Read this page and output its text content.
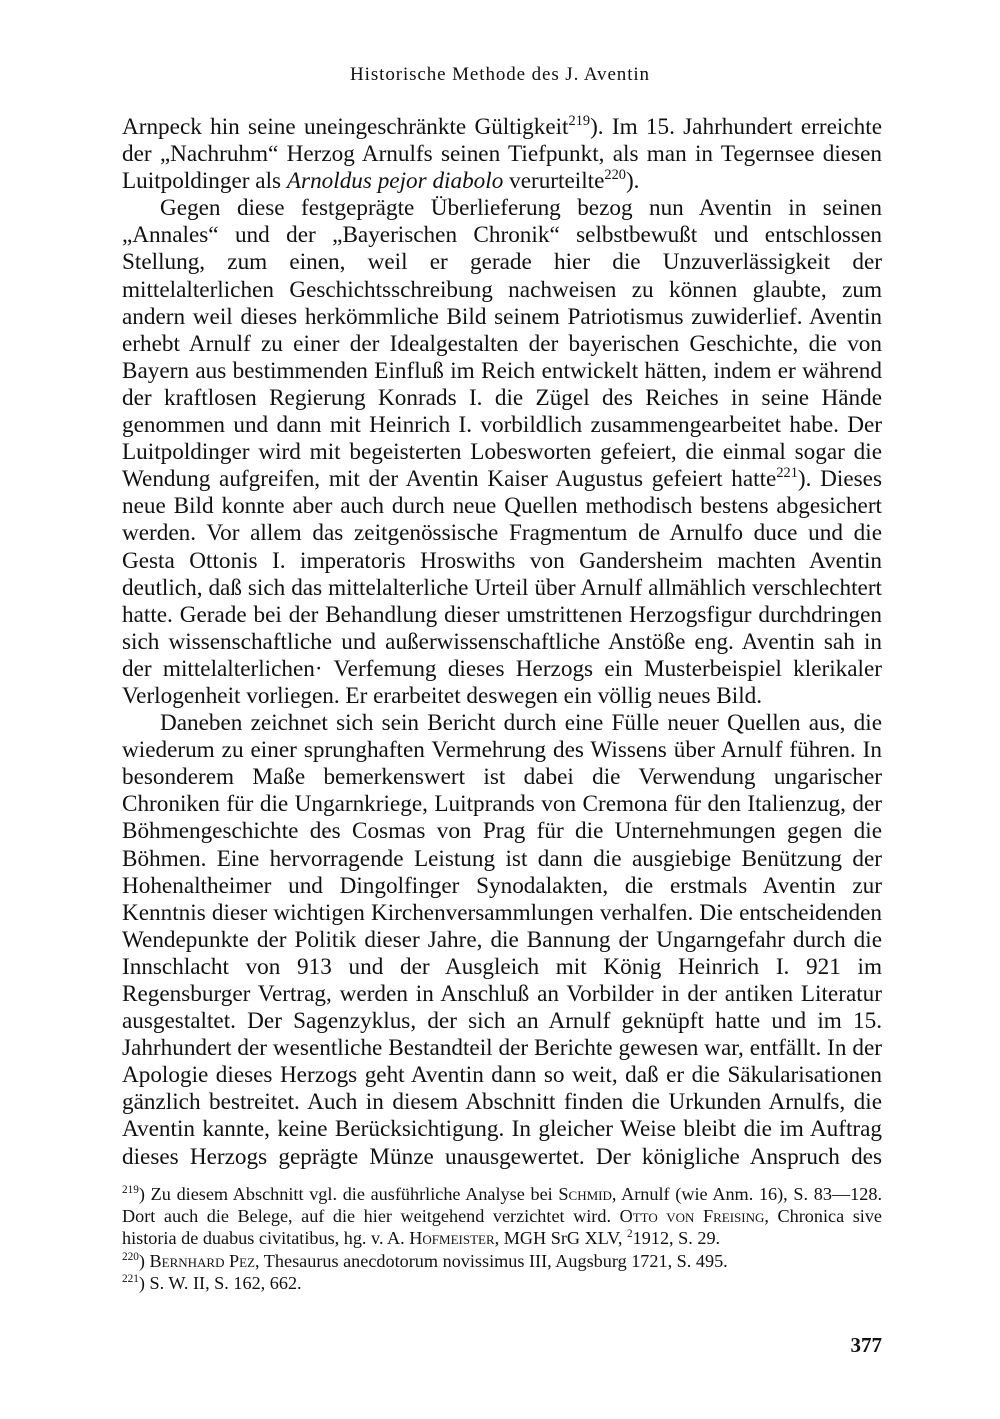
Historische Methode des J. Aventin

Arnpeck hin seine uneingeschränkte Gültigkeit$^{219}$). Im 15. Jahrhundert erreichte der „Nachruhm“ Herzog Arnulfs seinen Tiefpunkt, als man in Tegernsee diesen Luitpoldinger als Arnoldus pejor diabolo verurteilte$^{220}$).

Gegen diese festgeprägte Überlieferung bezog nun Aventin in seinen „Annales“ und der „Bayerischen Chronik“ selbstbewußt und entschlossen Stellung, zum einen, weil er gerade hier die Unzuverlässigkeit der mittelalterlichen Geschichtsschreibung nachweisen zu können glaubte, zum andern weil dieses herkömmliche Bild seinem Patriotismus zuwiderlief. Aventin erhebt Arnulf zu einer der Idealgestalten der bayerischen Geschichte, die von Bayern aus bestimmenden Einfluß im Reich entwickelt hätten, indem er während der kraftlosen Regierung Konrads I. die Zügel des Reiches in seine Hände genommen und dann mit Heinrich I. vorbildlich zusammengearbeitet habe. Der Luitpoldinger wird mit begeisterten Lobesworten gefeiert, die einmal sogar die Wendung aufgreifen, mit der Aventin Kaiser Augustus gefeiert hatte$^{221}$). Dieses neue Bild konnte aber auch durch neue Quellen methodisch bestens abgesichert werden. Vor allem das zeitgenössische Fragmentum de Arnulfo duce und die Gesta Ottonis I. imperatoris Hroswiths von Gandersheim machten Aventin deutlich, daß sich das mittelalterliche Urteil über Arnulf allmählich verschlechtert hatte. Gerade bei der Behandlung dieser umstrittenen Herzogsfigur durchdringen sich wissenschaftliche und außerwissenschaftliche Anstöße eng. Aventin sah in der mittelalterlichen· Verfemung dieses Herzogs ein Musterbeispiel klerikaler Verlogenheit vorliegen. Er erarbeitet deswegen ein völlig neues Bild.

Daneben zeichnet sich sein Bericht durch eine Fülle neuer Quellen aus, die wiederum zu einer sprunghaften Vermehrung des Wissens über Arnulf führen. In besonderem Maße bemerkenswert ist dabei die Verwendung ungarischer Chroniken für die Ungarnkriege, Luitprands von Cremona für den Italienzug, der Böhmengeschichte des Cosmas von Prag für die Unternehmungen gegen die Böhmen. Eine hervorragende Leistung ist dann die ausgiebige Benützung der Hohenaltheimer und Dingolfinger Synodalakten, die erstmals Aventin zur Kenntnis dieser wichtigen Kirchenversammlungen verhalfen. Die entscheidenden Wendepunkte der Politik dieser Jahre, die Bannung der Ungarngefahr durch die Innschlacht von 913 und der Ausgleich mit König Heinrich I. 921 im Regensburger Vertrag, werden in Anschluß an Vorbilder in der antiken Literatur ausgestaltet. Der Sagenzyklus, der sich an Arnulf geknüpft hatte und im 15. Jahrhundert der wesentliche Bestandteil der Berichte gewesen war, entfällt. In der Apologie dieses Herzogs geht Aventin dann so weit, daß er die Säkularisationen gänzlich bestreitet. Auch in diesem Abschnitt finden die Urkunden Arnulfs, die Aventin kannte, keine Berücksichtigung. In gleicher Weise bleibt die im Auftrag dieses Herzogs geprägte Münze unausgewertet. Der königliche Anspruch des

$^{219}$) Zu diesem Abschnitt vgl. die ausführliche Analyse bei Schmid, Arnulf (wie Anm. 16), S. 83—128. Dort auch die Belege, auf die hier weitgehend verzichtet wird. Otto von Freising, Chronica sive historia de duabus civitatibus, hg. v. A. Hofmeister, MGH SrG XLV, $^2$1912, S. 29.

$^{220}$) Bernhard Pez, Thesaurus anecdotorum novissimus III, Augsburg 1721, S. 495.

$^{221}$) S. W. II, S. 162, 662.

377
